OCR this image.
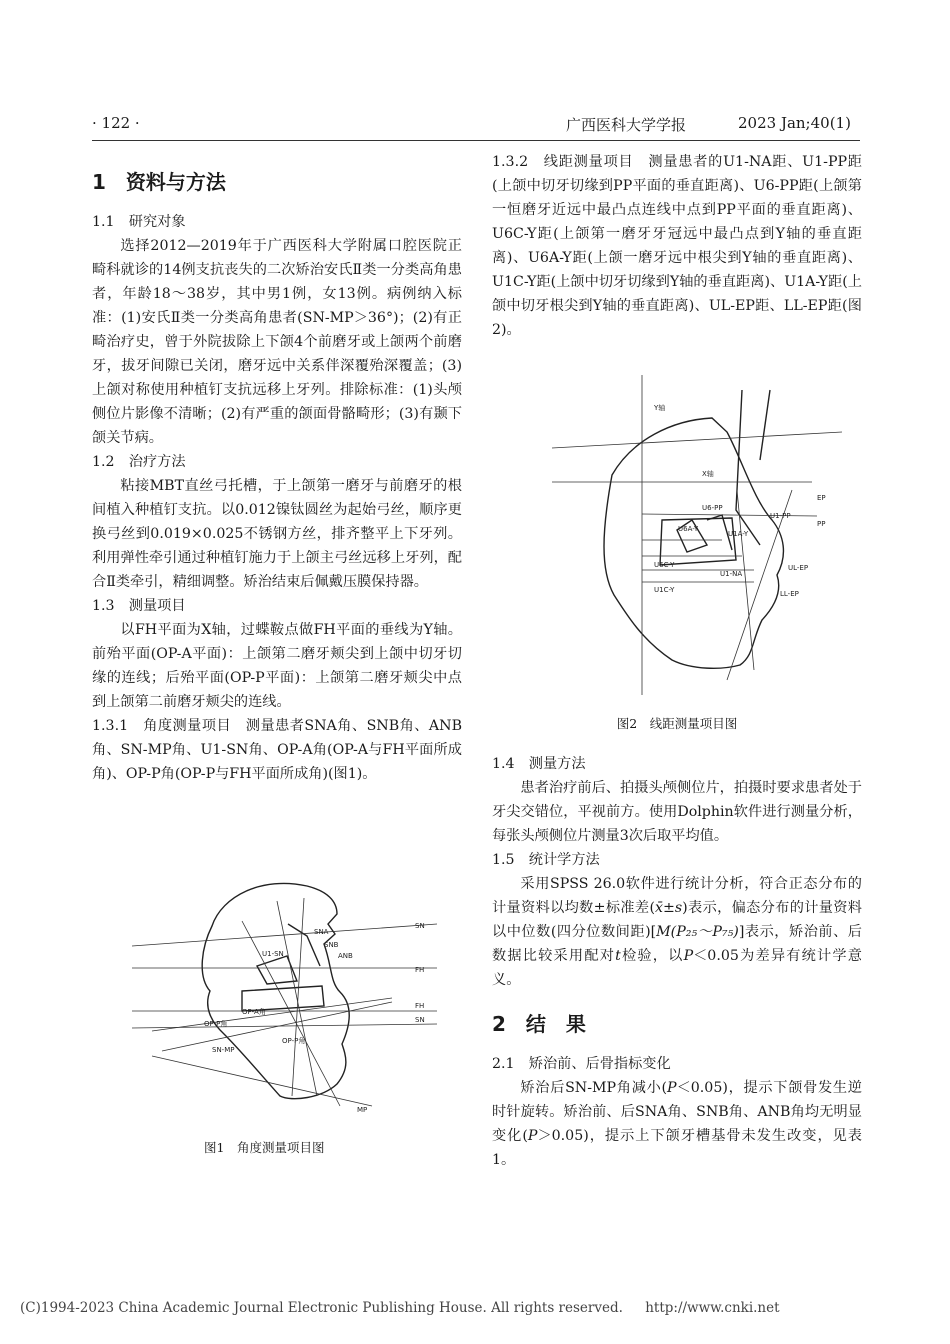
· 122 ·	广西医科大学学报	2023 Jan;40(1)
1　资料与方法

1.1　研究对象

选择2012—2019年于广西医科大学附属口腔医院正畸科就诊的14例支抗丧失的二次矫治安氏Ⅱ类一分类高角患者，年龄18～38岁，其中男1例，女13例。病例纳入标准：(1)安氏Ⅱ类一分类高角患者(SN-MP＞36°)；(2)有正畸治疗史，曾于外院拔除上下颌4个前磨牙或上颌两个前磨牙，拔牙间隙已关闭，磨牙远中关系伴深覆殆深覆盖；(3)上颌对称使用种植钉支抗远移上牙列。排除标准：(1)头颅侧位片影像不清晰；(2)有严重的颌面骨骼畸形；(3)有颞下颌关节病。

1.2　治疗方法

粘接MBT直丝弓托槽，于上颌第一磨牙与前磨牙的根间植入种植钉支抗。以0.012镍钛圆丝为起始弓丝，顺序更换弓丝到0.019×0.025不锈钢方丝，排齐整平上下牙列。利用弹性牵引通过种植钉施力于上颌主弓丝远移上牙列，配合Ⅱ类牵引，精细调整。矫治结束后佩戴压膜保持器。

1.3　测量项目

以FH平面为X轴，过蝶鞍点做FH平面的垂线为Y轴。前殆平面(OP-A平面)：上颌第二磨牙颊尖到上颌中切牙切缘的连线；后殆平面(OP-P平面)：上颌第二磨牙颊尖中点到上颌第二前磨牙颊尖的连线。

1.3.1　角度测量项目　测量患者SNA角、SNB角、ANB角、SN-MP角、U1-SN角、OP-A角(OP-A与FH平面所成角)、OP-P角(OP-P与FH平面所成角)(图1)。

SN
FH
FH
SN
MP
SNA
SNB
ANB
U1-SN
OP-A角
OP-P角
SN-MP
OP-P角
图1　角度测量项目图

1.3.2　线距测量项目　测量患者的U1-NA距、U1-PP距(上颌中切牙切缘到PP平面的垂直距离)、U6-PP距(上颌第一恒磨牙近远中最凸点连线中点到PP平面的垂直距离)、U6C-Y距(上颌第一磨牙牙冠远中最凸点到Y轴的垂直距离)、U6A-Y距(上颌一磨牙远中根尖到Y轴的垂直距离)、U1C-Y距(上颌中切牙切缘到Y轴的垂直距离)、U1A-Y距(上颌中切牙根尖到Y轴的垂直距离)、UL-EP距、LL-EP距(图2)。

Y轴
X轴
U6-PP
U1-PP
EP
PP
U6A-Y
U1A-Y
U6C-Y
U1C-Y
U1-NA
UL-EP
LL-EP
图2　线距测量项目图

1.4　测量方法

患者治疗前后、拍摄头颅侧位片，拍摄时要求患者处于牙尖交错位，平视前方。使用Dolphin软件进行测量分析，每张头颅侧位片测量3次后取平均值。

1.5　统计学方法

采用SPSS 26.0软件进行统计分析，符合正态分布的计量资料以均数±标准差(x̄±s)表示，偏态分布的计量资料以中位数(四分位数间距)[M(P₂₅～P₇₅)]表示，矫治前、后数据比较采用配对t检验，以P＜0.05为差异有统计学意义。

2　结　果

2.1　矫治前、后骨指标变化

矫治后SN-MP角减小(P＜0.05)，提示下颌骨发生逆时针旋转。矫治前、后SNA角、SNB角、ANB角均无明显变化(P＞0.05)，提示上下颌牙槽基骨未发生改变，见表1。

(C)1994-2023 China Academic Journal Electronic Publishing House. All rights reserved. http://www.cnki.net
